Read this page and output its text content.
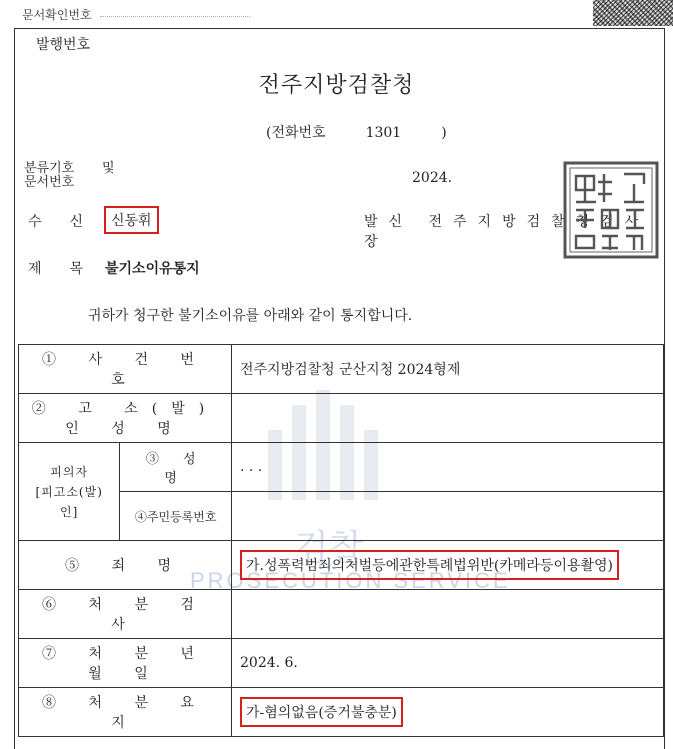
문서확인번호
발행번호
전주지방검찰청
(전화번호	1301	)
분류기호
문서번호
및
2024.
수신 신동휘	발신 전주지방검찰청검사장
제목
불기소이유통지
귀하가 청구한 불기소이유를 아래와 같이 통지합니다.
검찰
PROSECUTION SERVICE
① 사 건 번 호		전주지방검찰청 군산지청 2024형제
② 고 소(발) 인 성 명		

피의자
[피고소(발)인]	③ 성 명	. . .
	④주민등록번호	
⑤ 죄 명		가.성폭력범죄의처벌등에관한특례법위반(카메라등이용촬영)
⑥ 처 분 검 사		
⑦ 처 분 년 월 일		2024. 6.
⑧ 처 분 요 지		가-혐의없음(증거불충분)
